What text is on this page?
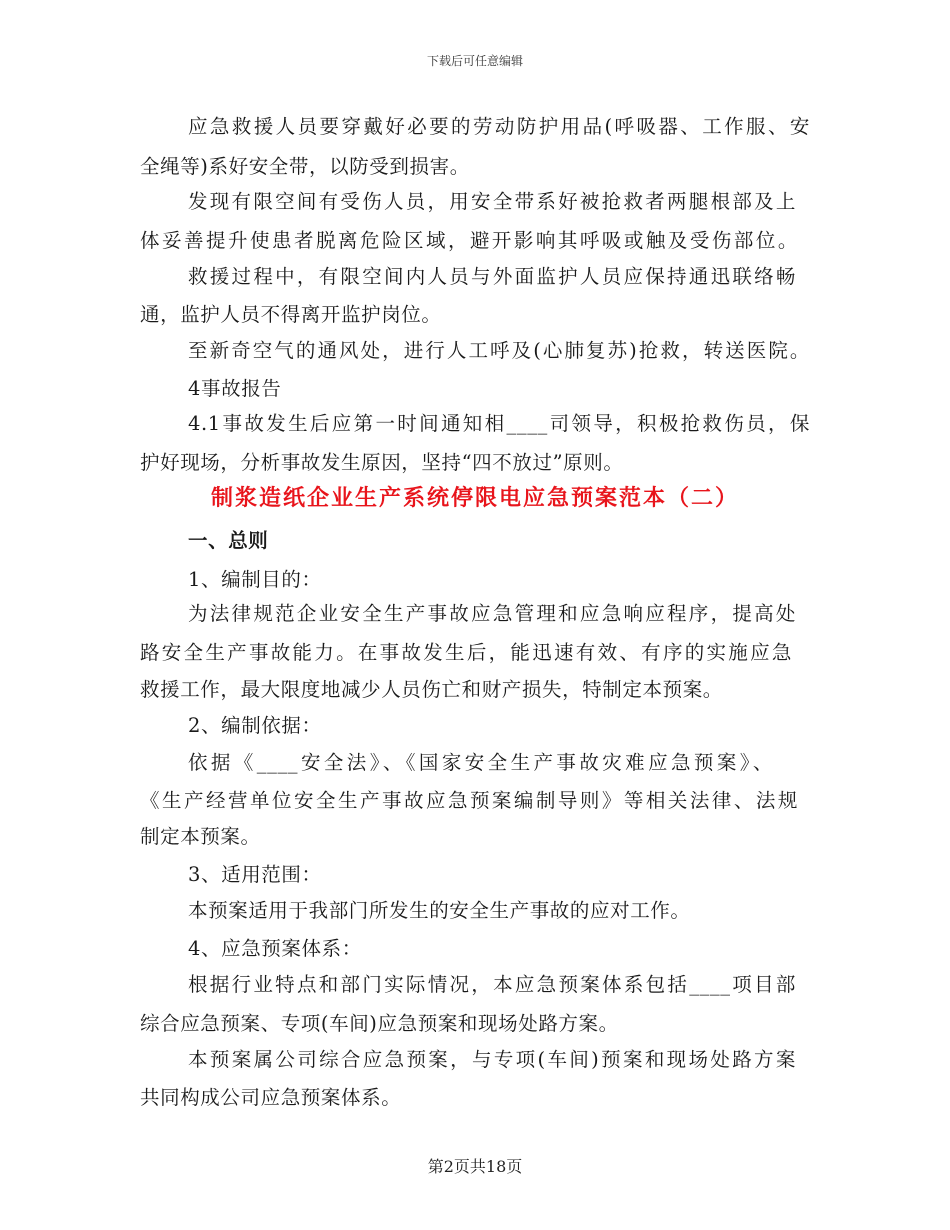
下载后可任意编辑
应急救援人员要穿戴好必要的劳动防护用品(呼吸器、工作服、安
全绳等)系好安全带，以防受到损害。
发现有限空间有受伤人员，用安全带系好被抢救者两腿根部及上
体妥善提升使患者脱离危险区域，避开影响其呼吸或触及受伤部位。
救援过程中，有限空间内人员与外面监护人员应保持通迅联络畅
通，监护人员不得离开监护岗位。
至新奇空气的通风处，进行人工呼及(心肺复苏)抢救，转送医院。
4事故报告
4.1事故发生后应第一时间通知相____司领导，积极抢救伤员，保
护好现场，分析事故发生原因，坚持“四不放过”原则。
制浆造纸企业生产系统停限电应急预案范本（二）
一、总则
1、编制目的：
为法律规范企业安全生产事故应急管理和应急响应程序，提高处
路安全生产事故能力。在事故发生后，能迅速有效、有序的实施应急
救援工作，最大限度地减少人员伤亡和财产损失，特制定本预案。
2、编制依据：
依据《____安全法》、《国家安全生产事故灾难应急预案》、
《生产经营单位安全生产事故应急预案编制导则》等相关法律、法规
制定本预案。
3、适用范围：
本预案适用于我部门所发生的安全生产事故的应对工作。
4、应急预案体系：
根据行业特点和部门实际情况，本应急预案体系包括____项目部
综合应急预案、专项(车间)应急预案和现场处路方案。
本预案属公司综合应急预案，与专项(车间)预案和现场处路方案
共同构成公司应急预案体系。
第2页共18页
